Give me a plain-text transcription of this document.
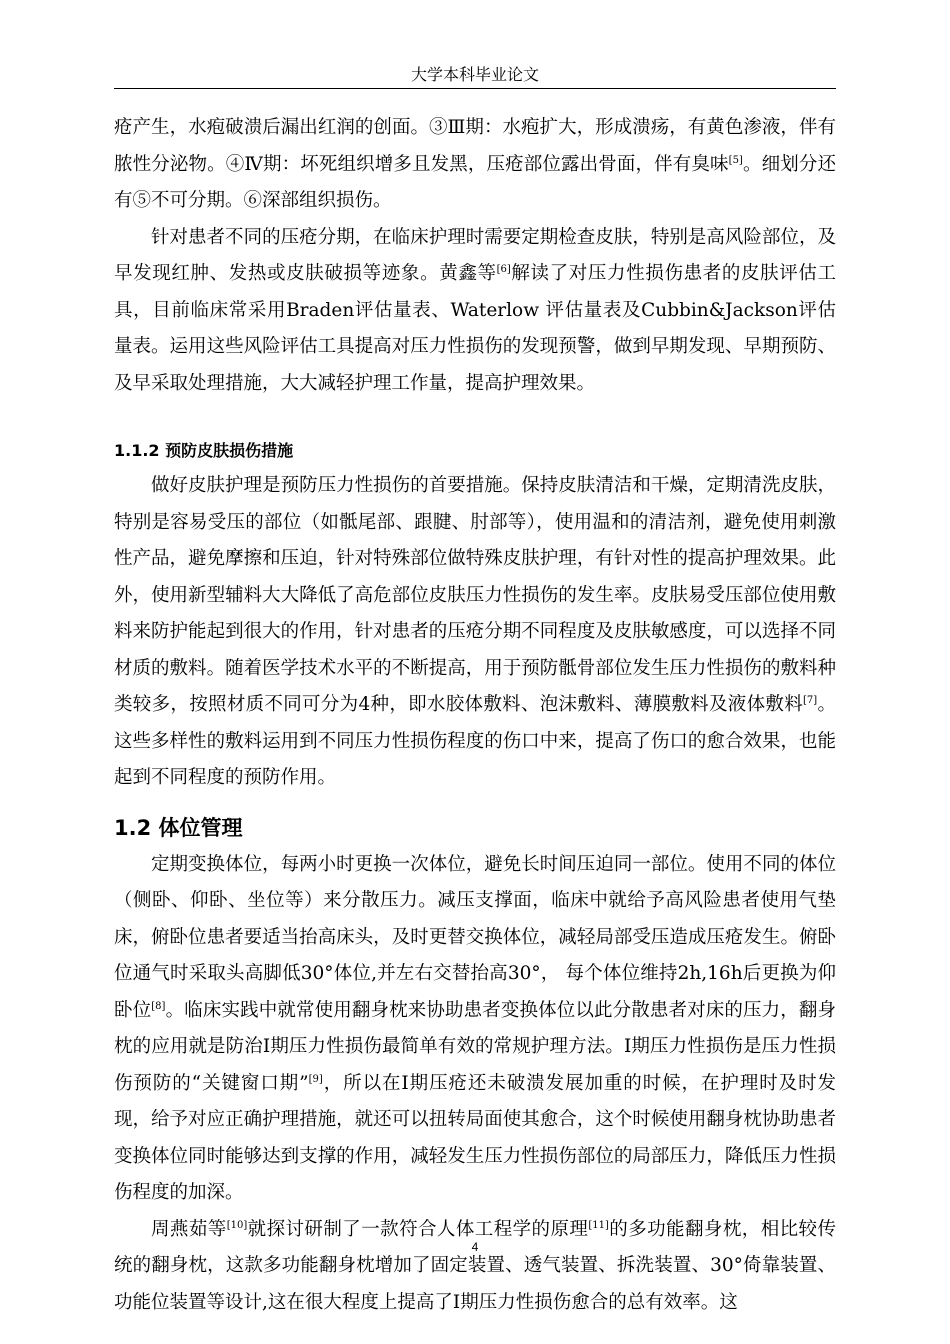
大学本科毕业论文

疮产生，水疱破溃后漏出红润的创面。③Ⅲ期：水疱扩大，形成溃疡，有黄色渗液，伴有脓性分泌物。④Ⅳ期：坏死组织增多且发黑，压疮部位露出骨面，伴有臭味[5]。细划分还有⑤不可分期。⑥深部组织损伤。

针对患者不同的压疮分期，在临床护理时需要定期检查皮肤，特别是高风险部位，及早发现红肿、发热或皮肤破损等迹象。黄鑫等[6]解读了对压力性损伤患者的皮肤评估工具，目前临床常采用Braden评估量表、Waterlow 评估量表及Cubbin&Jackson评估量表。运用这些风险评估工具提高对压力性损伤的发现预警，做到早期发现、早期预防、及早采取处理措施，大大减轻护理工作量，提高护理效果。

1.1.2 预防皮肤损伤措施

做好皮肤护理是预防压力性损伤的首要措施。保持皮肤清洁和干燥，定期清洗皮肤，特别是容易受压的部位（如骶尾部、跟腱、肘部等），使用温和的清洁剂，避免使用刺激性产品，避免摩擦和压迫，针对特殊部位做特殊皮肤护理，有针对性的提高护理效果。此外，使用新型辅料大大降低了高危部位皮肤压力性损伤的发生率。皮肤易受压部位使用敷料来防护能起到很大的作用，针对患者的压疮分期不同程度及皮肤敏感度，可以选择不同材质的敷料。随着医学技术水平的不断提高，用于预防骶骨部位发生压力性损伤的敷料种类较多，按照材质不同可分为4种，即水胶体敷料、泡沫敷料、薄膜敷料及液体敷料[7]。这些多样性的敷料运用到不同压力性损伤程度的伤口中来，提高了伤口的愈合效果，也能起到不同程度的预防作用。

1.2 体位管理

定期变换体位，每两小时更换一次体位，避免长时间压迫同一部位。使用不同的体位（侧卧、仰卧、坐位等）来分散压力。减压支撑面，临床中就给予高风险患者使用气垫床，俯卧位患者要适当抬高床头，及时更替交换体位，减轻局部受压造成压疮发生。俯卧位通气时采取头高脚低30°体位,并左右交替抬高30°， 每个体位维持2h,16h后更换为仰卧位[8]。临床实践中就常使用翻身枕来协助患者变换体位以此分散患者对床的压力，翻身枕的应用就是防治Ⅰ期压力性损伤最简单有效的常规护理方法。Ⅰ期压力性损伤是压力性损伤预防的“关键窗口期”[9]，所以在Ⅰ期压疮还未破溃发展加重的时候，在护理时及时发现，给予对应正确护理措施，就还可以扭转局面使其愈合，这个时候使用翻身枕协助患者变换体位同时能够达到支撑的作用，减轻发生压力性损伤部位的局部压力，降低压力性损伤程度的加深。

周燕茹等[10]就探讨研制了一款符合人体工程学的原理[11]的多功能翻身枕，相比较传统的翻身枕，这款多功能翻身枕增加了固定装置、透气装置、拆洗装置、30°倚靠装置、功能位装置等设计,这在很大程度上提高了Ⅰ期压力性损伤愈合的总有效率。这

4
